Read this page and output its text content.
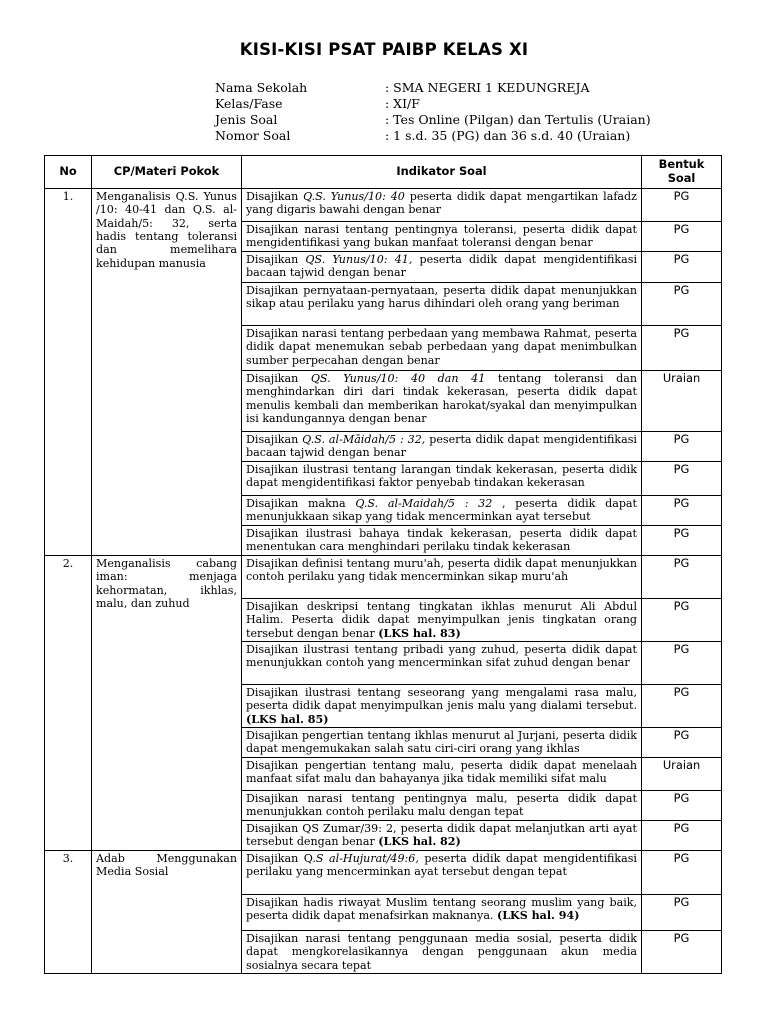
KISI-KISI PSAT PAIBP KELAS XI
Nama Sekolah	: SMA NEGERI 1 KEDUNGREJA
Kelas/Fase	: XI/F
Jenis Soal	: Tes Online (Pilgan) dan Tertulis (Uraian)
Nomor Soal	: 1 s.d. 35 (PG) dan 36 s.d. 40 (Uraian)
No	CP/Materi Pokok	Indikator Soal	Bentuk Soal
1.	Menganalisis Q.S. Yunus /10: 40-41 dan Q.S. al-Maidah/5: 32, serta hadis tentang toleransi dan memelihara kehidupan manusia	Disajikan Q.S. Yunus/10: 40 peserta didik dapat mengartikan lafadz yang digaris bawahi dengan benar	PG
		Disajikan narasi tentang pentingnya toleransi, peserta didik dapat mengidentifikasi yang bukan manfaat toleransi dengan benar	PG
		Disajikan QS. Yunus/10: 41, peserta didik dapat mengidentifikasi bacaan tajwid dengan benar	PG
		Disajikan pernyataan-pernyataan, peserta didik dapat menunjukkan sikap atau perilaku yang harus dihindari oleh orang yang beriman	PG
		Disajikan narasi tentang perbedaan yang membawa Rahmat, peserta didik dapat menemukan sebab perbedaan yang dapat menimbulkan sumber perpecahan dengan benar	PG
		Disajikan QS. Yunus/10: 40 dan 41 tentang toleransi dan menghindarkan diri dari tindak kekerasan, peserta didik dapat menulis kembali dan memberikan harokat/syakal dan menyimpulkan isi kandungannya dengan benar	Uraian
		Disajikan Q.S. al-Māidah/5 : 32, peserta didik dapat mengidentifikasi bacaan tajwid dengan benar	PG
		Disajikan ilustrasi tentang larangan tindak kekerasan, peserta didik dapat mengidentifikasi faktor penyebab tindakan kekerasan	PG
		Disajikan makna Q.S. al-Maidah/5 : 32 , peserta didik dapat menunjukkaan sikap yang tidak mencerminkan ayat tersebut	PG
		Disajikan ilustrasi bahaya tindak kekerasan, peserta didik dapat menentukan cara menghindari perilaku tindak kekerasan	PG
2.	Menganalisis cabang iman: menjaga kehormatan, ikhlas, malu, dan zuhud	Disajikan definisi tentang muru'ah, peserta didik dapat menunjukkan contoh perilaku yang tidak mencerminkan sikap muru'ah	PG
		Disajikan deskripsi tentang tingkatan ikhlas menurut Ali Abdul Halim. Peserta didik dapat menyimpulkan jenis tingkatan orang tersebut dengan benar (LKS hal. 83)	PG
		Disajikan ilustrasi tentang pribadi yang zuhud, peserta didik dapat menunjukkan contoh yang mencerminkan sifat zuhud dengan benar	PG
		Disajikan ilustrasi tentang seseorang yang mengalami rasa malu, peserta didik dapat menyimpulkan jenis malu yang dialami tersebut. (LKS hal. 85)	PG
		Disajikan pengertian tentang ikhlas menurut al Jurjani, peserta didik dapat mengemukakan salah satu ciri-ciri orang yang ikhlas	PG
		Disajikan pengertian tentang malu, peserta didik dapat menelaah manfaat sifat malu dan bahayanya jika tidak memiliki sifat malu	Uraian
		Disajikan narasi tentang pentingnya malu, peserta didik dapat menunjukkan contoh perilaku malu dengan tepat	PG
		Disajikan QS Zumar/39: 2, peserta didik dapat melanjutkan arti ayat tersebut dengan benar (LKS hal. 82)	PG
3.	Adab Menggunakan Media Sosial	Disajikan Q.S al-Hujurat/49:6, peserta didik dapat mengidentifikasi perilaku yang mencerminkan ayat tersebut dengan tepat	PG
		Disajikan hadis riwayat Muslim tentang seorang muslim yang baik, peserta didik dapat menafsirkan maknanya. (LKS hal. 94)	PG
		Disajikan narasi tentang penggunaan media sosial, peserta didik dapat mengkorelasikannya dengan penggunaan akun media sosialnya secara tepat	PG
